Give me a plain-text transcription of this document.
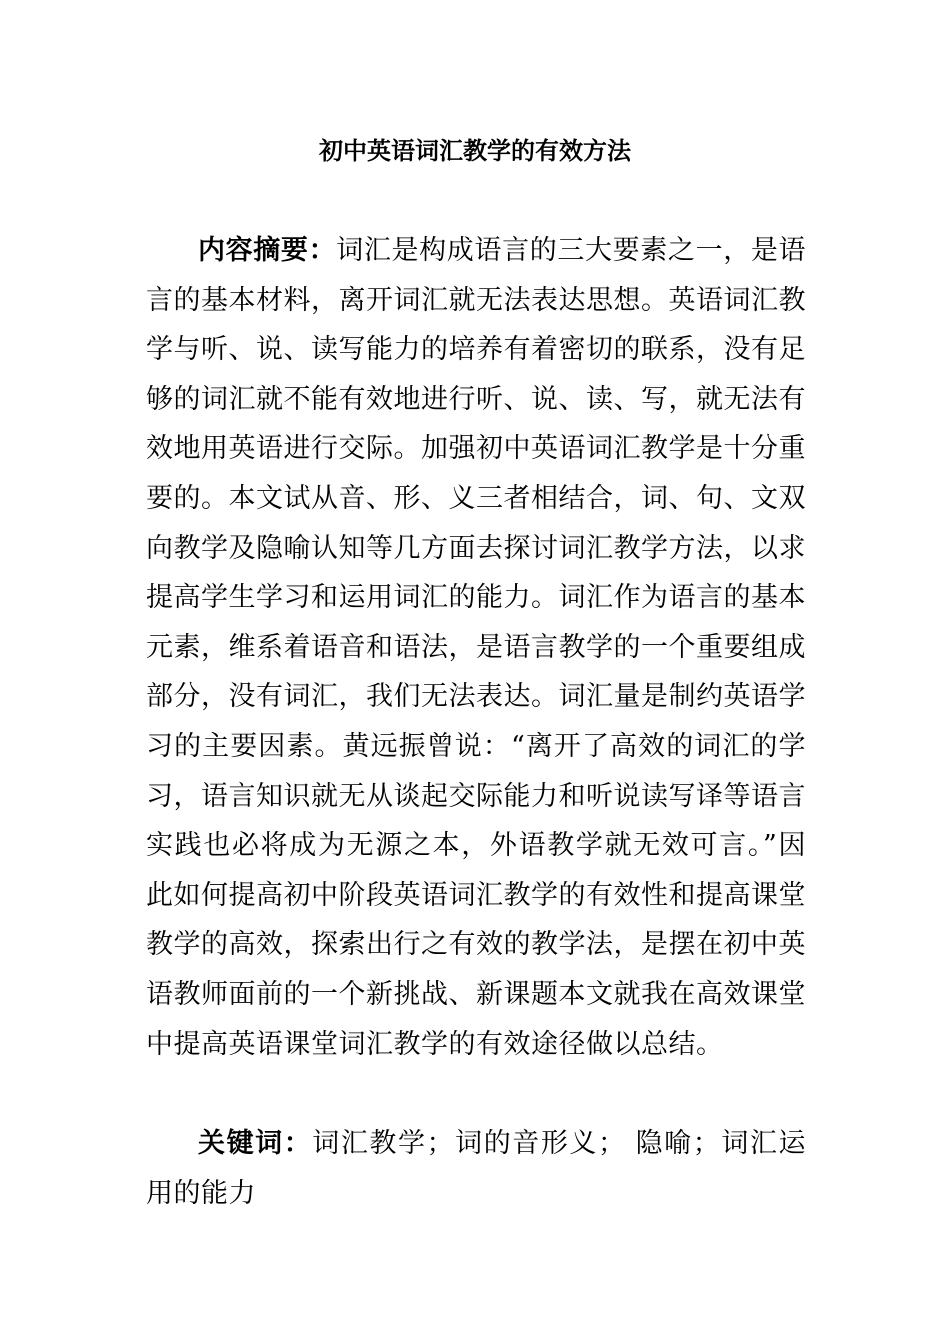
初中英语词汇教学的有效方法

内容摘要：词汇是构成语言的三大要素之一，是语言的基本材料，离开词汇就无法表达思想。英语词汇教学与听、说、读写能力的培养有着密切的联系，没有足够的词汇就不能有效地进行听、说、读、写，就无法有效地用英语进行交际。加强初中英语词汇教学是十分重要的。本文试从音、形、义三者相结合，词、句、文双向教学及隐喻认知等几方面去探讨词汇教学方法，以求提高学生学习和运用词汇的能力。词汇作为语言的基本元素，维系着语音和语法，是语言教学的一个重要组成部分，没有词汇，我们无法表达。词汇量是制约英语学习的主要因素。黄远振曾说：“离开了高效的词汇的学习，语言知识就无从谈起交际能力和听说读写译等语言实践也必将成为无源之本，外语教学就无效可言。”因此如何提高初中阶段英语词汇教学的有效性和提高课堂教学的高效，探索出行之有效的教学法，是摆在初中英语教师面前的一个新挑战、新课题本文就我在高效课堂中提高英语课堂词汇教学的有效途径做以总结。

关键词：词汇教学；词的音形义； 隐喻；词汇运用的能力
